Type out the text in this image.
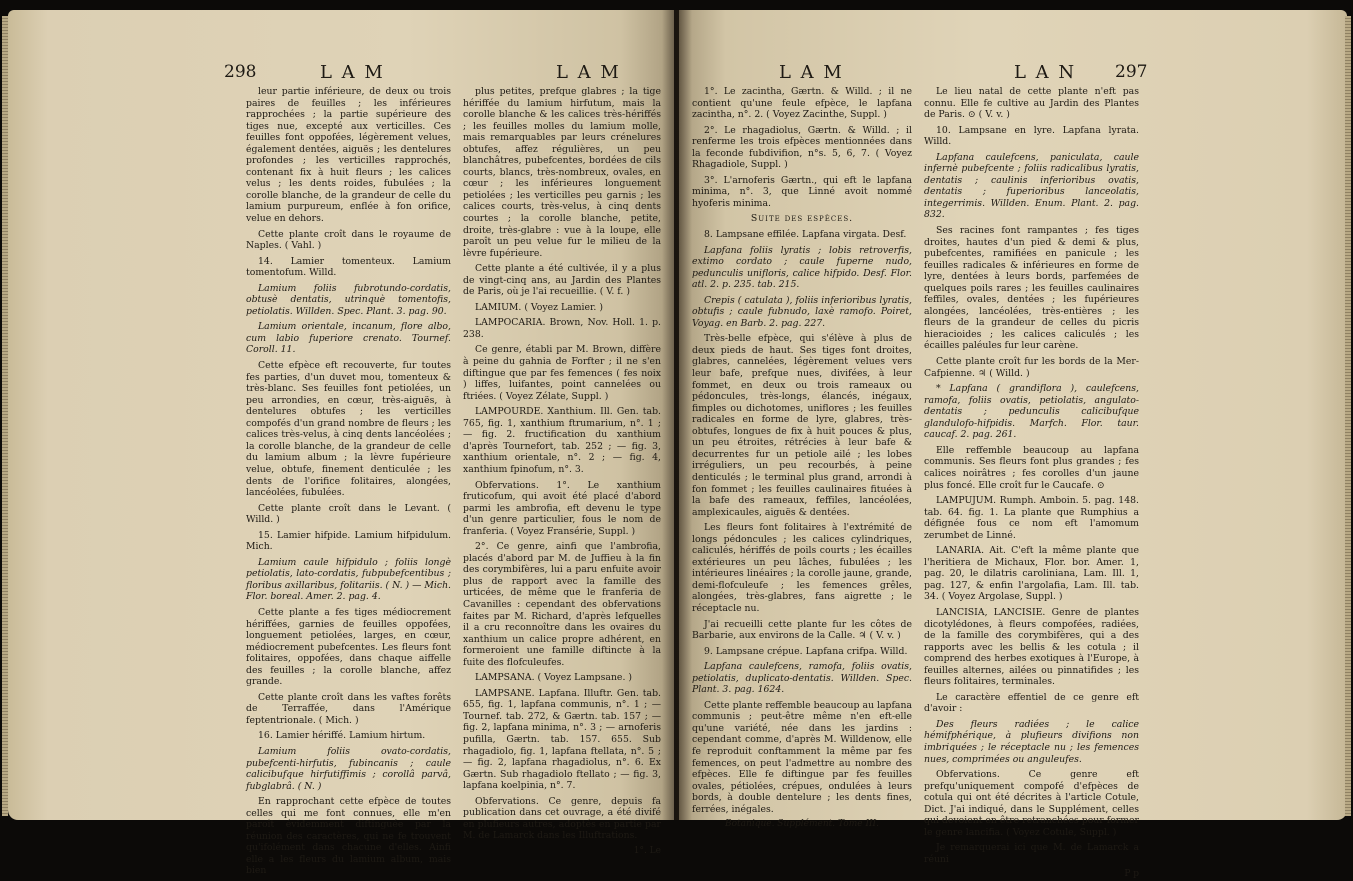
298	L A M	L A M

leur partie inférieure, de deux ou trois paires de feuilles ; les inférieures rapprochées ; la partie supérieure des tiges nue, excepté aux verticilles. Ces feuilles font oppofées, légèrement velues, également dentées, aiguës ; les dentelures profondes ; les verticilles rapprochés, contenant fix à huit fleurs ; les calices velus ; les dents roides, fubulées ; la corolle blanche, de la grandeur de celle du lamium purpureum, enflée à fon orifice, velue en dehors.

Cette plante croît dans le royaume de Naples. ( Vahl. )

14. Lamier tomenteux. Lamium tomentofum. Willd.

Lamium foliis fubrotundo-cordatis, obtusè dentatis, utrinquè tomentofis, petiolatis. Willden. Spec. Plant. 3. pag. 90.

Lamium orientale, incanum, flore albo, cum labio fuperiore crenato. Tournef. Coroll. 11.

Cette efpèce eft recouverte, fur toutes fes parties, d'un duvet mou, tomenteux & très-blanc. Ses feuilles font petiolées, un peu arrondies, en cœur, très-aiguës, à dentelures obtufes ; les verticilles compofés d'un grand nombre de fleurs ; les calices très-velus, à cinq dents lancéolées ; la corolle blanche, de la grandeur de celle du lamium album ; la lèvre fupérieure velue, obtufe, finement denticulée ; les dents de l'orifice folitaires, alongées, lancéolées, fubulées.

Cette plante croît dans le Levant. ( Willd. )

15. Lamier hifpide. Lamium hifpidulum. Mich.

Lamium caule hifpidulo ; foliis longè petiolatis, lato-cordatis, fubpubefcentibus ; floribus axillaribus, folitariis. ( N. ) — Mich. Flor. boreal. Amer. 2. pag. 4.

Cette plante a fes tiges médiocrement hériffées, garnies de feuilles oppofées, longuement petiolées, larges, en cœur, médiocrement pubefcentes. Les fleurs font folitaires, oppofées, dans chaque aiffelle des feuilles ; la corolle blanche, affez grande.

Cette plante croît dans les vaftes forêts de Terraffée, dans l'Amérique feptentrionale. ( Mich. )

16. Lamier hériffé. Lamium hirtum.

Lamium foliis ovato-cordatis, pubefcenti-hirfutis, fubincanis ; caule calicibufque hirfutiffimis ; corollâ parvâ, fubglabrâ. ( N. )

En rapprochant cette efpèce de toutes celles qui me font connues, elle m'en paroît évidemment diftinguée par la réunion des caractères, qui ne fe trouvent qu'ifolément dans chacune d'elles. Ainfi elle a les fleurs du lamium album, mais bien

plus petites, prefque glabres ; la tige hériffée du lamium hirfutum, mais la corolle blanche & les calices très-hériffés ; les feuilles molles du lamium molle, mais remarquables par leurs crénelures obtufes, affez régulières, un peu blanchâtres, pubefcentes, bordées de cils courts, blancs, très-nombreux, ovales, en cœur ; les inférieures longuement petiolées ; les verticilles peu garnis ; les calices courts, très-velus, à cinq dents courtes ; la corolle blanche, petite, droite, très-glabre : vue à la loupe, elle paroît un peu velue fur le milieu de la lèvre fupérieure.

Cette plante a été cultivée, il y a plus de vingt-cinq ans, au Jardin des Plantes de Paris, où je l'ai recueillie. ( V. f. )

LAMIUM. ( Voyez Lamier. )

LAMPOCARIA. Brown, Nov. Holl. 1. p. 238.

Ce genre, établi par M. Brown, diffère à peine du gahnia de Forfter ; il ne s'en diftingue que par fes femences ( fes noix ) liffes, luifantes, point cannelées ou ftriées. ( Voyez Zélate, Suppl. )

LAMPOURDE. Xanthium. Ill. Gen. tab. 765, fig. 1, xanthium ftrumarium, n°. 1 ; — fig. 2. fructification du xanthium d'après Tournefort, tab. 252 ; — fig. 3, xanthium orientale, n°. 2 ; — fig. 4, xanthium fpinofum, n°. 3.

Obfervations. 1°. Le xanthium fruticofum, qui avoit été placé d'abord parmi les ambrofia, eft devenu le type d'un genre particulier, fous le nom de franferia. ( Voyez Fransérie, Suppl. )

2°. Ce genre, ainfi que l'ambrofia, placés d'abord par M. de Juffieu à la fin des corymbifères, lui a paru enfuite avoir plus de rapport avec la famille des urticées, de même que le franferia de Cavanilles : cependant des obfervations faites par M. Richard, d'après lefquelles il a cru reconnoître dans les ovaires du xanthium un calice propre adhérent, en formeroient une famille diftincte à la fuite des flofculeufes.

LAMPSANA. ( Voyez Lampsane. )

LAMPSANE. Lapfana. Illuftr. Gen. tab. 655, fig. 1, lapfana communis, n°. 1 ; — Tournef. tab. 272, & Gærtn. tab. 157 ; — fig. 2, lapfana minima, n°. 3 ; — arnoferis pufilla, Gærtn. tab. 157. 655. Sub rhagadiolo, fig. 1, lapfana ftellata, n°. 5 ; — fig. 2, lapfana rhagadiolus, n°. 6. Ex Gærtn. Sub rhagadiolo ftellato ; — fig. 3, lapfana koelpinia, n°. 7.

Obfervations. Ce genre, depuis fa publication dans cet ouvrage, a été divifé en plufieurs autres, adoptés en partie par M. de Lamarck dans les Illuftrations.

1°. Le
L A M	L A N 297

1°. Le zacintha, Gærtn. & Willd. ; il ne contient qu'une feule efpèce, le lapfana zacintha, n°. 2. ( Voyez Zacinthe, Suppl. )

2°. Le rhagadiolus, Gærtn. & Willd. ; il renferme les trois efpèces mentionnées dans la feconde fubdivifion, n°s. 5, 6, 7. ( Voyez Rhagadiole, Suppl. )

3°. L'arnoferis Gærtn., qui eft le lapfana minima, n°. 3, que Linné avoit nommé hyoferis minima.

Suite des espèces.

8. Lampsane effilée. Lapfana virgata. Desf.

Lapfana foliis lyratis ; lobis retroverfis, extimo cordato ; caule fuperne nudo, pedunculis unifloris, calice hifpido. Desf. Flor. atl. 2. p. 235. tab. 215.

Crepis ( catulata ), foliis inferioribus lyratis, obtufis ; caule fubnudo, laxè ramofo. Poiret, Voyag. en Barb. 2. pag. 227.

Très-belle efpèce, qui s'élève à plus de deux pieds de haut. Ses tiges font droites, glabres, cannelées, légèrement velues vers leur bafe, prefque nues, divifées, à leur fommet, en deux ou trois rameaux ou pédoncules, très-longs, élancés, inégaux, fimples ou dichotomes, uniflores ; les feuilles radicales en forme de lyre, glabres, très-obtufes, longues de fix à huit pouces & plus, un peu étroites, rétrécies à leur bafe & decurrentes fur un petiole ailé ; les lobes irréguliers, un peu recourbés, à peine denticulés ; le terminal plus grand, arrondi à fon fommet ; les feuilles caulinaires fituées à la bafe des rameaux, feffiles, lancéolées, amplexicaules, aiguës & dentées.

Les fleurs font folitaires à l'extrémité de longs pédoncules ; les calices cylindriques, caliculés, hériffés de poils courts ; les écailles extérieures un peu lâches, fubulées ; les intérieures linéaires ; la corolle jaune, grande, demi-flofculeufe ; les femences grêles, alongées, très-glabres, fans aigrette ; le réceptacle nu.

J'ai recueilli cette plante fur les côtes de Barbarie, aux environs de la Calle. ♃ ( V. v. )

9. Lampsane crépue. Lapfana crifpa. Willd.

Lapfana caulefcens, ramofa, foliis ovatis, petiolatis, duplicato-dentatis. Willden. Spec. Plant. 3. pag. 1624.

Cette plante reffemble beaucoup au lapfana communis ; peut-être même n'en eft-elle qu'une variété, née dans les jardins : cependant comme, d'après M. Willdenow, elle fe reproduit conftamment la même par fes femences, on peut l'admettre au nombre des efpèces. Elle fe diftingue par fes feuilles ovales, pétiolées, crépues, ondulées à leurs bords, à double dentelure ; les dents fines, ferrées, inégales.

Botanique. Supplément. Tome III.

Le lieu natal de cette plante n'eft pas connu. Elle fe cultive au Jardin des Plantes de Paris. ⊙ ( V. v. )

10. Lampsane en lyre. Lapfana lyrata. Willd.

Lapfana caulefcens, paniculata, caule infernè pubefcente ; foliis radicalibus lyratis, dentatis ; caulinis inferioribus ovatis, dentatis ; fuperioribus lanceolatis, integerrimis. Willden. Enum. Plant. 2. pag. 832.

Ses racines font rampantes ; fes tiges droites, hautes d'un pied & demi & plus, pubefcentes, ramifiées en panicule ; les feuilles radicales & inférieures en forme de lyre, dentées à leurs bords, parfemées de quelques poils rares ; les feuilles caulinaires feffiles, ovales, dentées ; les fupérieures alongées, lancéolées, très-entières ; les fleurs de la grandeur de celles du picris hieracioides ; les calices caliculés ; les écailles paléules fur leur carène.

Cette plante croît fur les bords de la Mer-Cafpienne. ♃ ( Willd. )

* Lapfana ( grandiflora ), caulefcens, ramofa, foliis ovatis, petiolatis, angulato-dentatis ; pedunculis calicibufque glandulofo-hifpidis. Marfch. Flor. taur. caucaf. 2. pag. 261.

Elle reffemble beaucoup au lapfana communis. Ses fleurs font plus grandes ; fes calices noirâtres ; fes corolles d'un jaune plus foncé. Elle croît fur le Caucafe. ⊙

LAMPUJUM. Rumph. Amboin. 5. pag. 148. tab. 64. fig. 1. La plante que Rumphius a défignée fous ce nom eft l'amomum zerumbet de Linné.

LANARIA. Ait. C'eft la même plante que l'heritiera de Michaux, Flor. bor. Amer. 1, pag. 20, le dilatris caroliniana, Lam. Ill. 1, pag. 127, & enfin l'argolafia, Lam. Ill. tab. 34. ( Voyez Argolase, Suppl. )

LANCISIA, LANCISIE. Genre de plantes dicotylédones, à fleurs compofées, radiées, de la famille des corymbifères, qui a des rapports avec les bellis & les cotula ; il comprend des herbes exotiques à l'Europe, à feuilles alternes, ailées ou pinnatifides ; les fleurs folitaires, terminales.

Le caractère effentiel de ce genre eft d'avoir :

Des fleurs radiées ; le calice hémifphérique, à plufieurs divifions non imbriquées ; le réceptacle nu ; les femences nues, comprimées ou anguleufes.

Obfervations. Ce genre eft prefqu'uniquement compofé d'efpèces de cotula qui ont été décrites à l'article Cotule, Dict. J'ai indiqué, dans le Supplément, celles qui devoient en être retranchées pour former le genre lancifia. ( Voyez Cotule, Suppl. )

Je remarquerai ici que M. de Lamarck a réuni

P p
